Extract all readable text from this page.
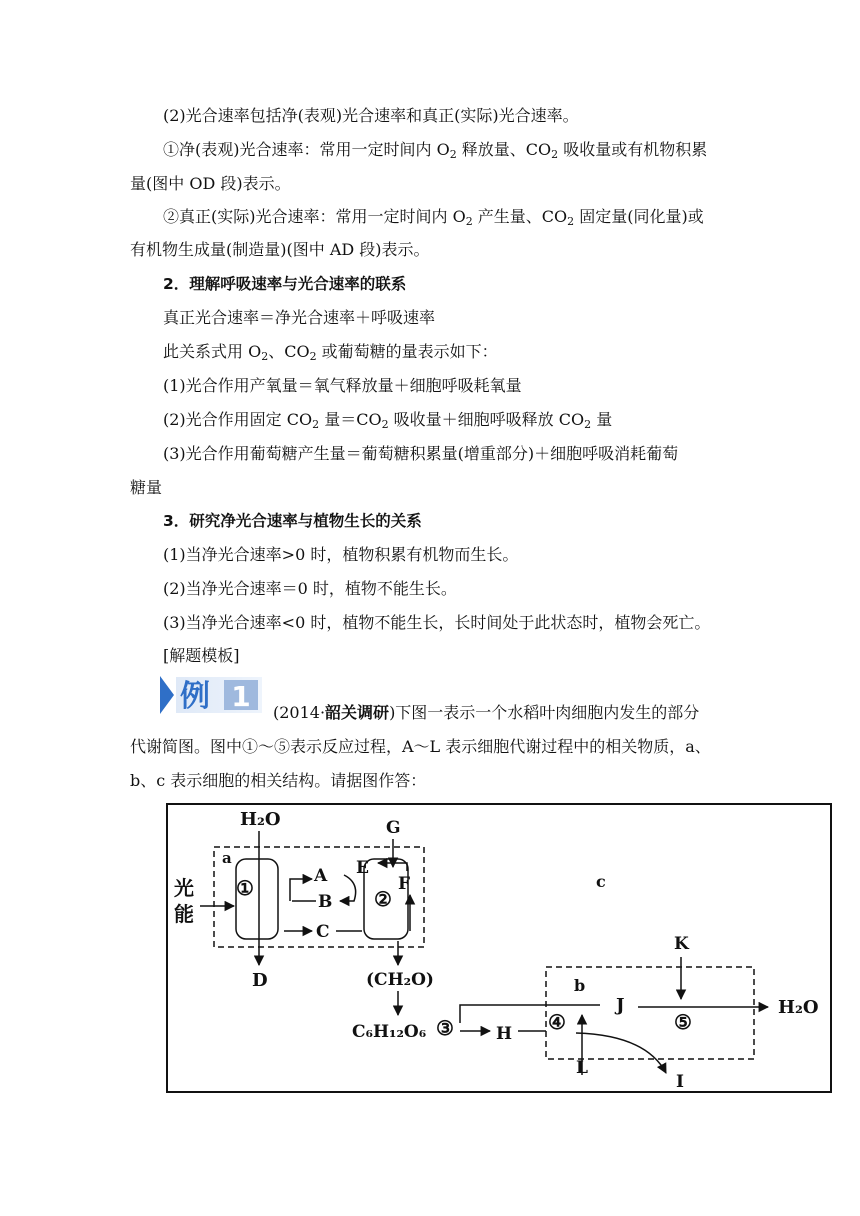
(2)光合速率包括净(表观)光合速率和真正(实际)光合速率。
①净(表观)光合速率：常用一定时间内 $O_2$ 释放量、$CO_2$ 吸收量或有机物积累
量(图中 OD 段)表示。
②真正(实际)光合速率：常用一定时间内 $O_2$ 产生量、$CO_2$ 固定量(同化量)或
有机物生成量(制造量)(图中 AD 段)表示。
2．理解呼吸速率与光合速率的联系
真正光合速率＝净光合速率＋呼吸速率
此关系式用 $O_2$、$CO_2$ 或葡萄糖的量表示如下：
(1)光合作用产氧量＝氧气释放量＋细胞呼吸耗氧量
(2)光合作用固定 $CO_2$ 量$=CO_2$ 吸收量＋细胞呼吸释放 $CO_2$ 量
(3)光合作用葡萄糖产生量＝葡萄糖积累量(增重部分)＋细胞呼吸消耗葡萄
糖量
3．研究净光合速率与植物生长的关系
(1)当净光合速率>0 时，植物积累有机物而生长。
(2)当净光合速率＝0 时，植物不能生长。
(3)当净光合速率<0 时，植物不能生长，长时间处于此状态时，植物会死亡。
[解题模板]
例 1 (2014·韶关调研)下图一表示一个水稻叶肉细胞内发生的部分
代谢简图。图中①～⑤表示反应过程，A～L 表示细胞代谢过程中的相关物质，a、
b、c 表示细胞的相关结构。请据图作答：
H₂O
D
光
能
a
①	A
B
C
G
E
F
②
(CH₂O)
C₆H₁₂O₆ ③ H
c
b
④
L
I
J
K
⑤
H₂O
